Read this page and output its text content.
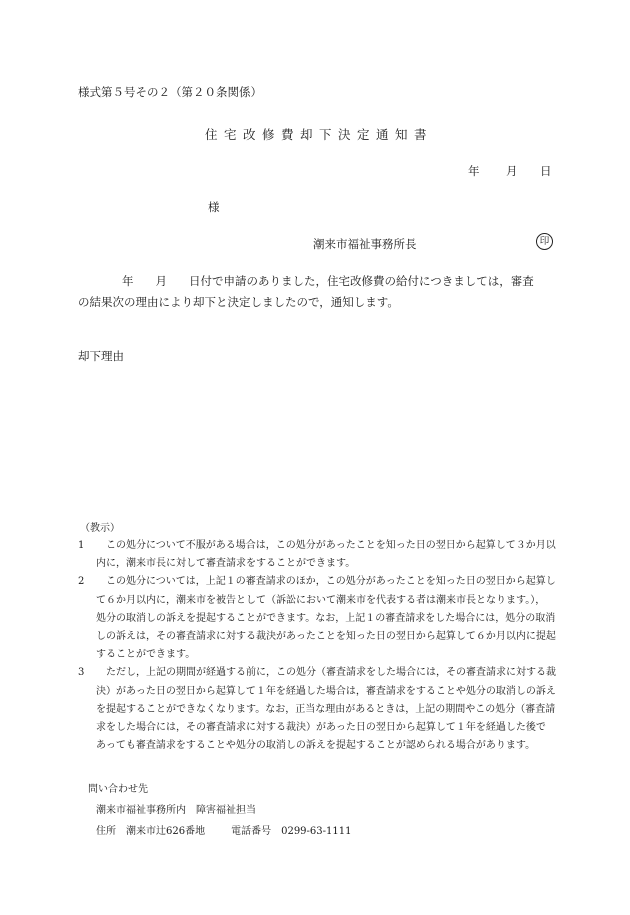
様式第５号その２（第２０条関係）
住宅改修費却下決定通知書
年 月 日
様
潮来市福祉事務所長	印
年 月 日付で申請のありました，住宅改修費の給付につきましては，審査
の結果次の理由により却下と決定しましたので，通知します。
却下理由
（教示）
1	この処分について不服がある場合は，この処分があったことを知った日の翌日から起算して３か月以
内に，潮来市長に対して審査請求をすることができます。
2	この処分については，上記１の審査請求のほか，この処分があったことを知った日の翌日から起算し
て６か月以内に，潮来市を被告として（訴訟において潮来市を代表する者は潮来市長となります。），
処分の取消しの訴えを提起することができます。なお，上記１の審査請求をした場合には，処分の取消
しの訴えは，その審査請求に対する裁決があったことを知った日の翌日から起算して６か月以内に提起
することができます。
3	ただし，上記の期間が経過する前に，この処分（審査請求をした場合には，その審査請求に対する裁
決）があった日の翌日から起算して１年を経過した場合は，審査請求をすることや処分の取消しの訴え
を提起することができなくなります。なお，正当な理由があるときは，上記の期間やこの処分（審査請
求をした場合には，その審査請求に対する裁決）があった日の翌日から起算して１年を経過した後で
あっても審査請求をすることや処分の取消しの訴えを提起することが認められる場合があります。
問い合わせ先
潮来市福祉事務所内　障害福祉担当
住所 潮来市辻626番地	電話番号 0299-63-1111
